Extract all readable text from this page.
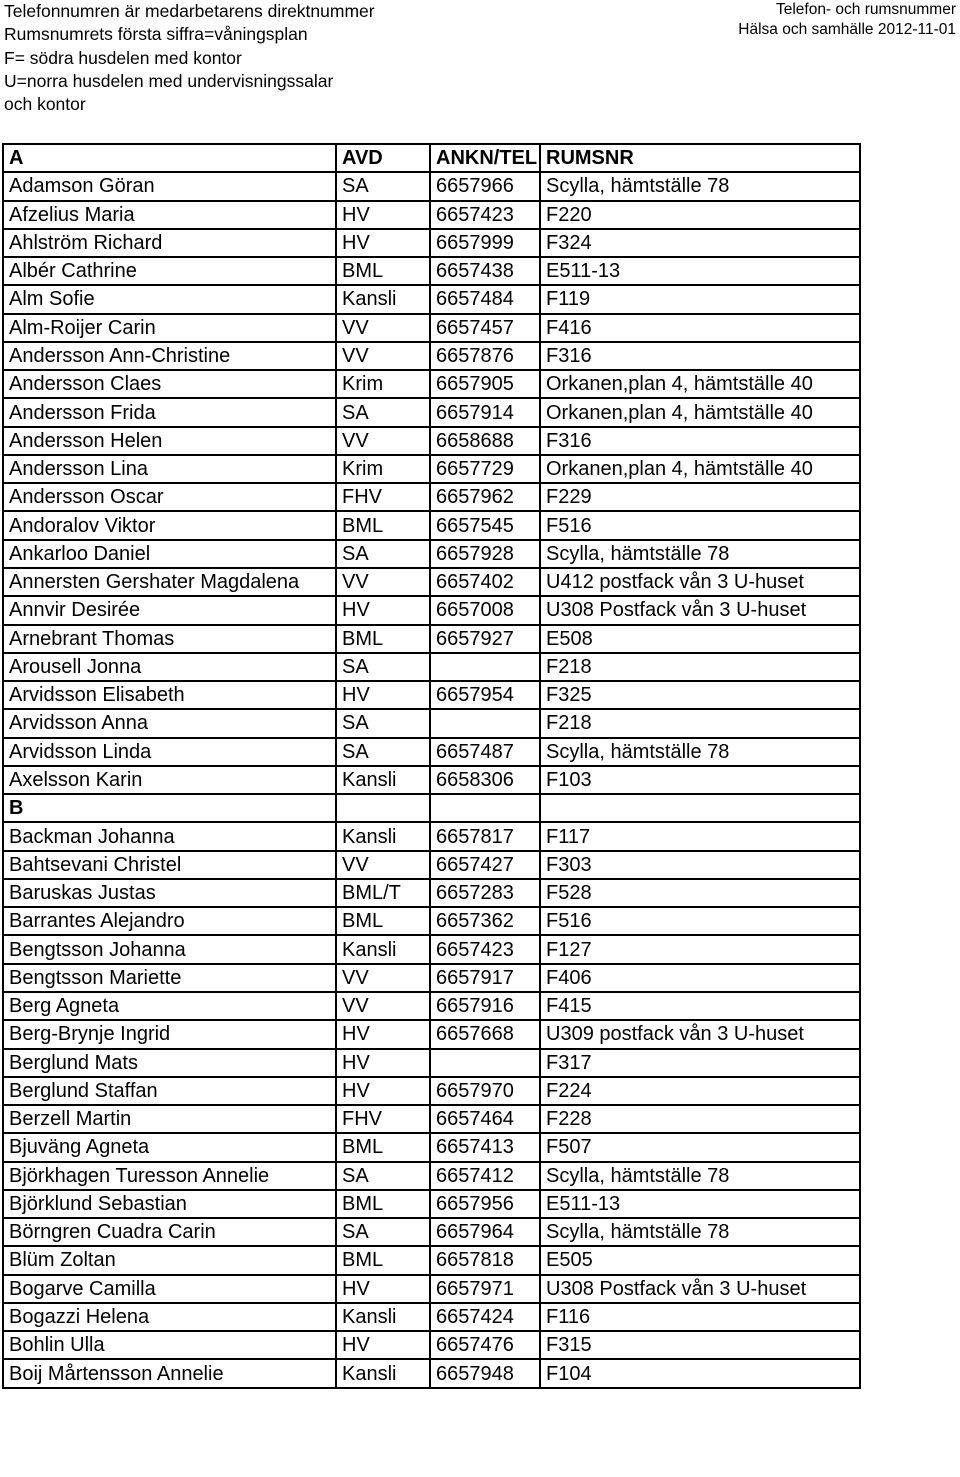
Telefonnumren är medarbetarens direktnummer
Rumsnumrets första siffra=våningsplan
F= södra husdelen med kontor
U=norra husdelen med undervisningssalar
och kontor
Telefon- och rumsnummer
Hälsa och samhälle 2012-11-01
A	AVD	ANKN/TEL	RUMSNR
Adamson Göran	SA	6657966	Scylla, hämtställe 78
Afzelius Maria	HV	6657423	F220
Ahlström Richard	HV	6657999	F324
Albér Cathrine	BML	6657438	E511-13
Alm Sofie	Kansli	6657484	F119
Alm-Roijer Carin	VV	6657457	F416
Andersson Ann-Christine	VV	6657876	F316
Andersson Claes	Krim	6657905	Orkanen,plan 4, hämtställe 40
Andersson Frida	SA	6657914	Orkanen,plan 4, hämtställe 40
Andersson Helen	VV	6658688	F316
Andersson Lina	Krim	6657729	Orkanen,plan 4, hämtställe 40
Andersson Oscar	FHV	6657962	F229
Andoralov Viktor	BML	6657545	F516
Ankarloo Daniel	SA	6657928	Scylla, hämtställe 78
Annersten Gershater Magdalena	VV	6657402	U412 postfack vån 3 U-huset
Annvir Desirée	HV	6657008	U308 Postfack vån 3 U-huset
Arnebrant Thomas	BML	6657927	E508
Arousell Jonna	SA		F218
Arvidsson Elisabeth	HV	6657954	F325
Arvidsson Anna	SA		F218
Arvidsson Linda	SA	6657487	Scylla, hämtställe 78
Axelsson Karin	Kansli	6658306	F103
B			
Backman Johanna	Kansli	6657817	F117
Bahtsevani Christel	VV	6657427	F303
Baruskas Justas	BML/T	6657283	F528
Barrantes Alejandro	BML	6657362	F516
Bengtsson Johanna	Kansli	6657423	F127
Bengtsson Mariette	VV	6657917	F406
Berg Agneta	VV	6657916	F415
Berg-Brynje Ingrid	HV	6657668	U309 postfack vån 3 U-huset
Berglund Mats	HV		F317
Berglund Staffan	HV	6657970	F224
Berzell Martin	FHV	6657464	F228
Bjuväng Agneta	BML	6657413	F507
Björkhagen Turesson Annelie	SA	6657412	Scylla, hämtställe 78
Björklund Sebastian	BML	6657956	E511-13
Börngren Cuadra Carin	SA	6657964	Scylla, hämtställe 78
Blüm Zoltan	BML	6657818	E505
Bogarve Camilla	HV	6657971	U308 Postfack vån 3 U-huset
Bogazzi Helena	Kansli	6657424	F116
Bohlin Ulla	HV	6657476	F315
Boij Mårtensson Annelie	Kansli	6657948	F104
